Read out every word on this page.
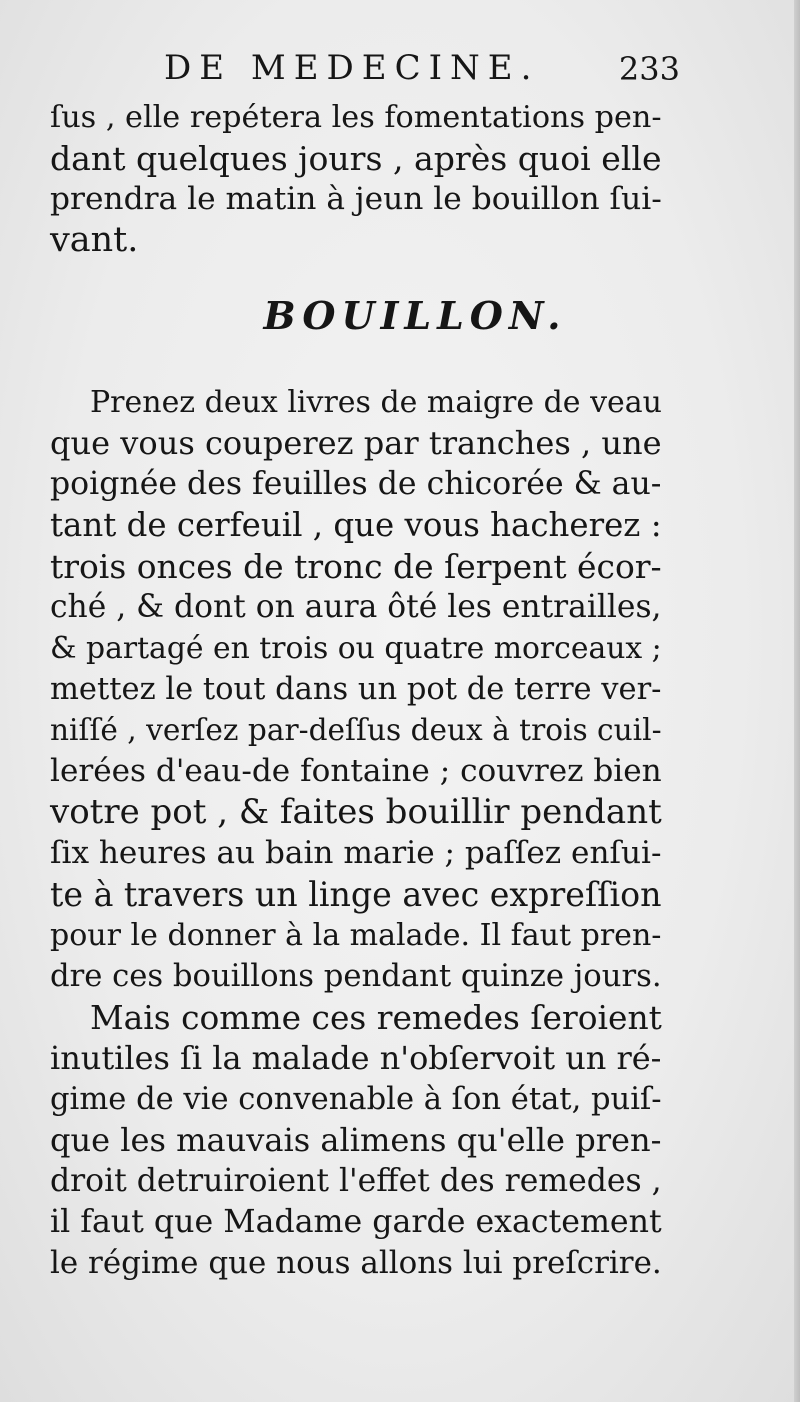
DE MEDECINE. 233
ſus , elle repétera les fomentations pen-
dant quelques jours , après quoi elle
prendra le matin à jeun le bouillon ſui-
vant.
BOUILLON.
Prenez deux livres de maigre de veau
que vous couperez par tranches , une
poignée des feuilles de chicorée & au-
tant de cerfeuil , que vous hacherez :
trois onces de tronc de ſerpent écor-
ché , & dont on aura ôté les entrailles,
& partagé en trois ou quatre morceaux ;
mettez le tout dans un pot de terre ver-
niſſé , verſez par-deſſus deux à trois cuil-
lerées d'eau-de fontaine ; couvrez bien
votre pot , & faites bouillir pendant
ſix heures au bain marie ; paſſez enſui-
te à travers un linge avec expreſſion
pour le donner à la malade. Il faut pren-
dre ces bouillons pendant quinze jours.
Mais comme ces remedes ſeroient
inutiles ſi la malade n'obſervoit un ré-
gime de vie convenable à ſon état, puiſ-
que les mauvais alimens qu'elle pren-
droit detruiroient l'effet des remedes ,
il faut que Madame garde exactement
le régime que nous allons lui preſcrire.
